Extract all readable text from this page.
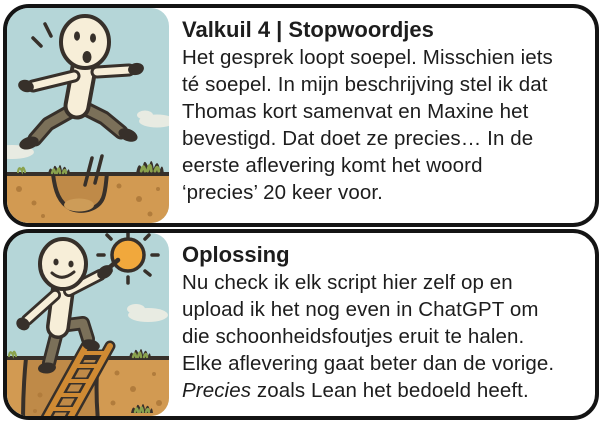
Valkuil 4 | Stopwoordjes
Het gesprek loopt soepel. Misschien iets
té soepel. In mijn beschrijving stel ik dat
Thomas kort samenvat en Maxine het
bevestigd. Dat doet ze precies… In de
eerste aflevering komt het woord
‘precies’ 20 keer voor.
Oplossing
Nu check ik elk script hier zelf op en
upload ik het nog even in ChatGPT om
die schoonheidsfoutjes eruit te halen.
Elke aflevering gaat beter dan de vorige.
Precies zoals Lean het bedoeld heeft.
